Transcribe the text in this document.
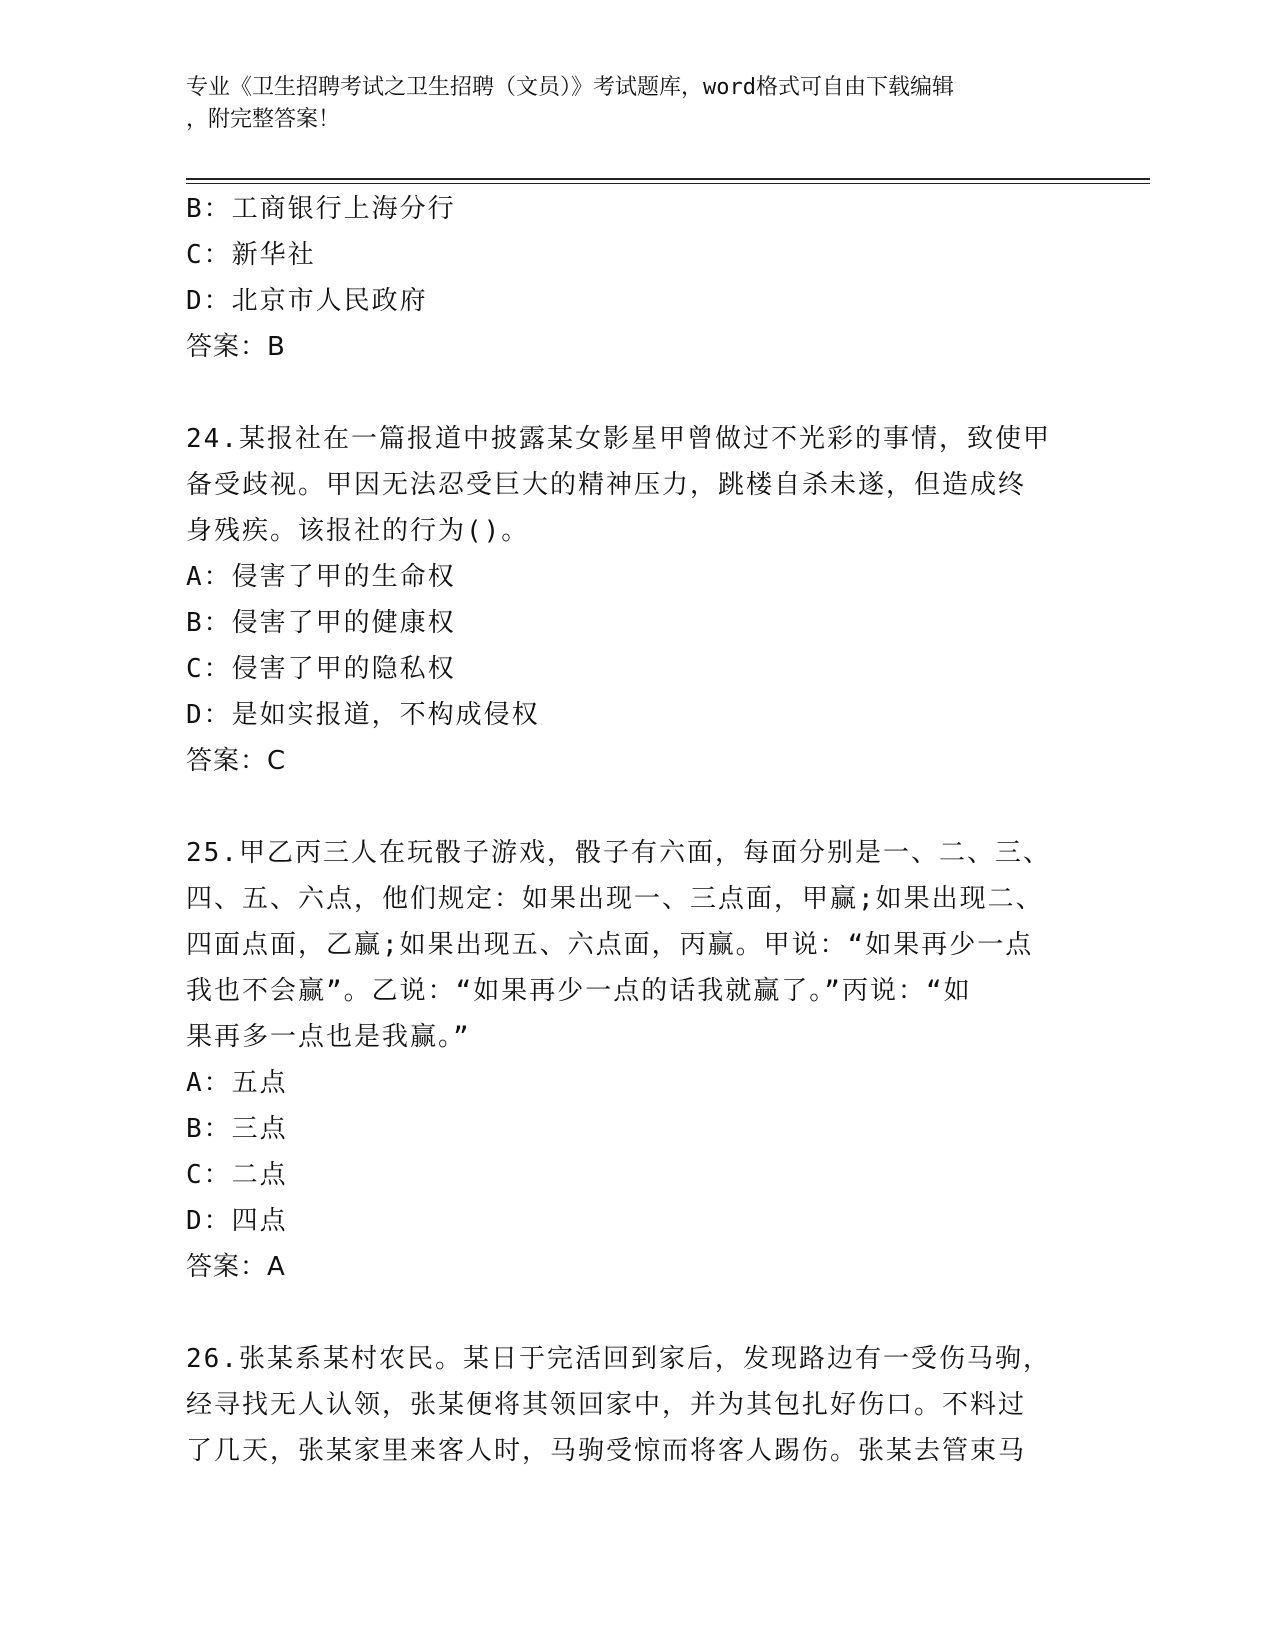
专业《卫生招聘考试之卫生招聘（文员）》考试题库，word格式可自由下载编辑
，附完整答案！
B：工商银行上海分行
C：新华社
D：北京市人民政府
答案：B
24.某报社在一篇报道中披露某女影星甲曾做过不光彩的事情，致使甲
备受歧视。甲因无法忍受巨大的精神压力，跳楼自杀未遂，但造成终
身残疾。该报社的行为()。
A：侵害了甲的生命权
B：侵害了甲的健康权
C：侵害了甲的隐私权
D：是如实报道，不构成侵权
答案：C
25.甲乙丙三人在玩骰子游戏，骰子有六面，每面分别是一、二、三、
四、五、六点，他们规定：如果出现一、三点面，甲赢;如果出现二、
四面点面，乙赢;如果出现五、六点面，丙赢。甲说：“如果再少一点
我也不会赢”。乙说：“如果再少一点的话我就赢了。”丙说：“如
果再多一点也是我赢。”
A：五点
B：三点
C：二点
D：四点
答案：A
26.张某系某村农民。某日于完活回到家后，发现路边有一受伤马驹，
经寻找无人认领，张某便将其领回家中，并为其包扎好伤口。不料过
了几天，张某家里来客人时，马驹受惊而将客人踢伤。张某去管束马
